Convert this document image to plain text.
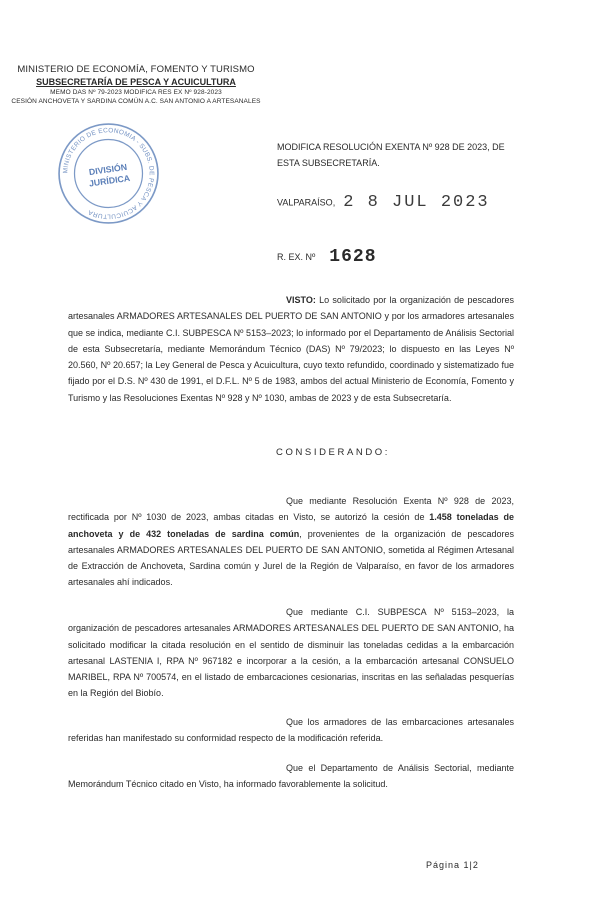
MINISTERIO DE ECONOMÍA, FOMENTO Y TURISMO
SUBSECRETARÍA DE PESCA Y ACUICULTURA
MEMO DAS Nº 79-2023 MODIFICA RES EX Nº 928-2023
CESIÓN ANCHOVETA Y SARDINA COMÚN A.C. SAN ANTONIO A ARTESANALES
MINISTERIO DE ECONOMIA - SUBS. DE PESCA Y ACUICULTURA
DIVISIÓN
JURÍDICA
MODIFICA RESOLUCIÓN EXENTA Nº 928 DE 2023, DE ESTA SUBSECRETARÍA.
VALPARAÍSO, 2 8 JUL 2023
R. EX. Nº 1628
VISTO: Lo solicitado por la organización de pescadores artesanales ARMADORES ARTESANALES DEL PUERTO DE SAN ANTONIO y por los armadores artesanales que se indica, mediante C.I. SUBPESCA Nº 5153–2023; lo informado por el Departamento de Análisis Sectorial de esta Subsecretaría, mediante Memorándum Técnico (DAS) Nº 79/2023; lo dispuesto en las Leyes Nº 20.560, Nº 20.657; la Ley General de Pesca y Acuicultura, cuyo texto refundido, coordinado y sistematizado fue fijado por el D.S. Nº 430 de 1991, el D.F.L. Nº 5 de 1983, ambos del actual Ministerio de Economía, Fomento y Turismo y las Resoluciones Exentas Nº 928 y Nº 1030, ambas de 2023 y de esta Subsecretaría.
CONSIDERANDO:
Que mediante Resolución Exenta Nº 928 de 2023, rectificada por Nº 1030 de 2023, ambas citadas en Visto, se autorizó la cesión de 1.458 toneladas de anchoveta y de 432 toneladas de sardina común, provenientes de la organización de pescadores artesanales ARMADORES ARTESANALES DEL PUERTO DE SAN ANTONIO, sometida al Régimen Artesanal de Extracción de Anchoveta, Sardina común y Jurel de la Región de Valparaíso, en favor de los armadores artesanales ahí indicados.
Que mediante C.I. SUBPESCA Nº 5153–2023, la organización de pescadores artesanales ARMADORES ARTESANALES DEL PUERTO DE SAN ANTONIO, ha solicitado modificar la citada resolución en el sentido de disminuir las toneladas cedidas a la embarcación artesanal LASTENIA I, RPA Nº 967182 e incorporar a la cesión, a la embarcación artesanal CONSUELO MARIBEL, RPA Nº 700574, en el listado de embarcaciones cesionarias, inscritas en las señaladas pesquerías en la Región del Biobío.
Que los armadores de las embarcaciones artesanales referidas han manifestado su conformidad respecto de la modificación referida.
Que el Departamento de Análisis Sectorial, mediante Memorándum Técnico citado en Visto, ha informado favorablemente la solicitud.
Página 1|2
